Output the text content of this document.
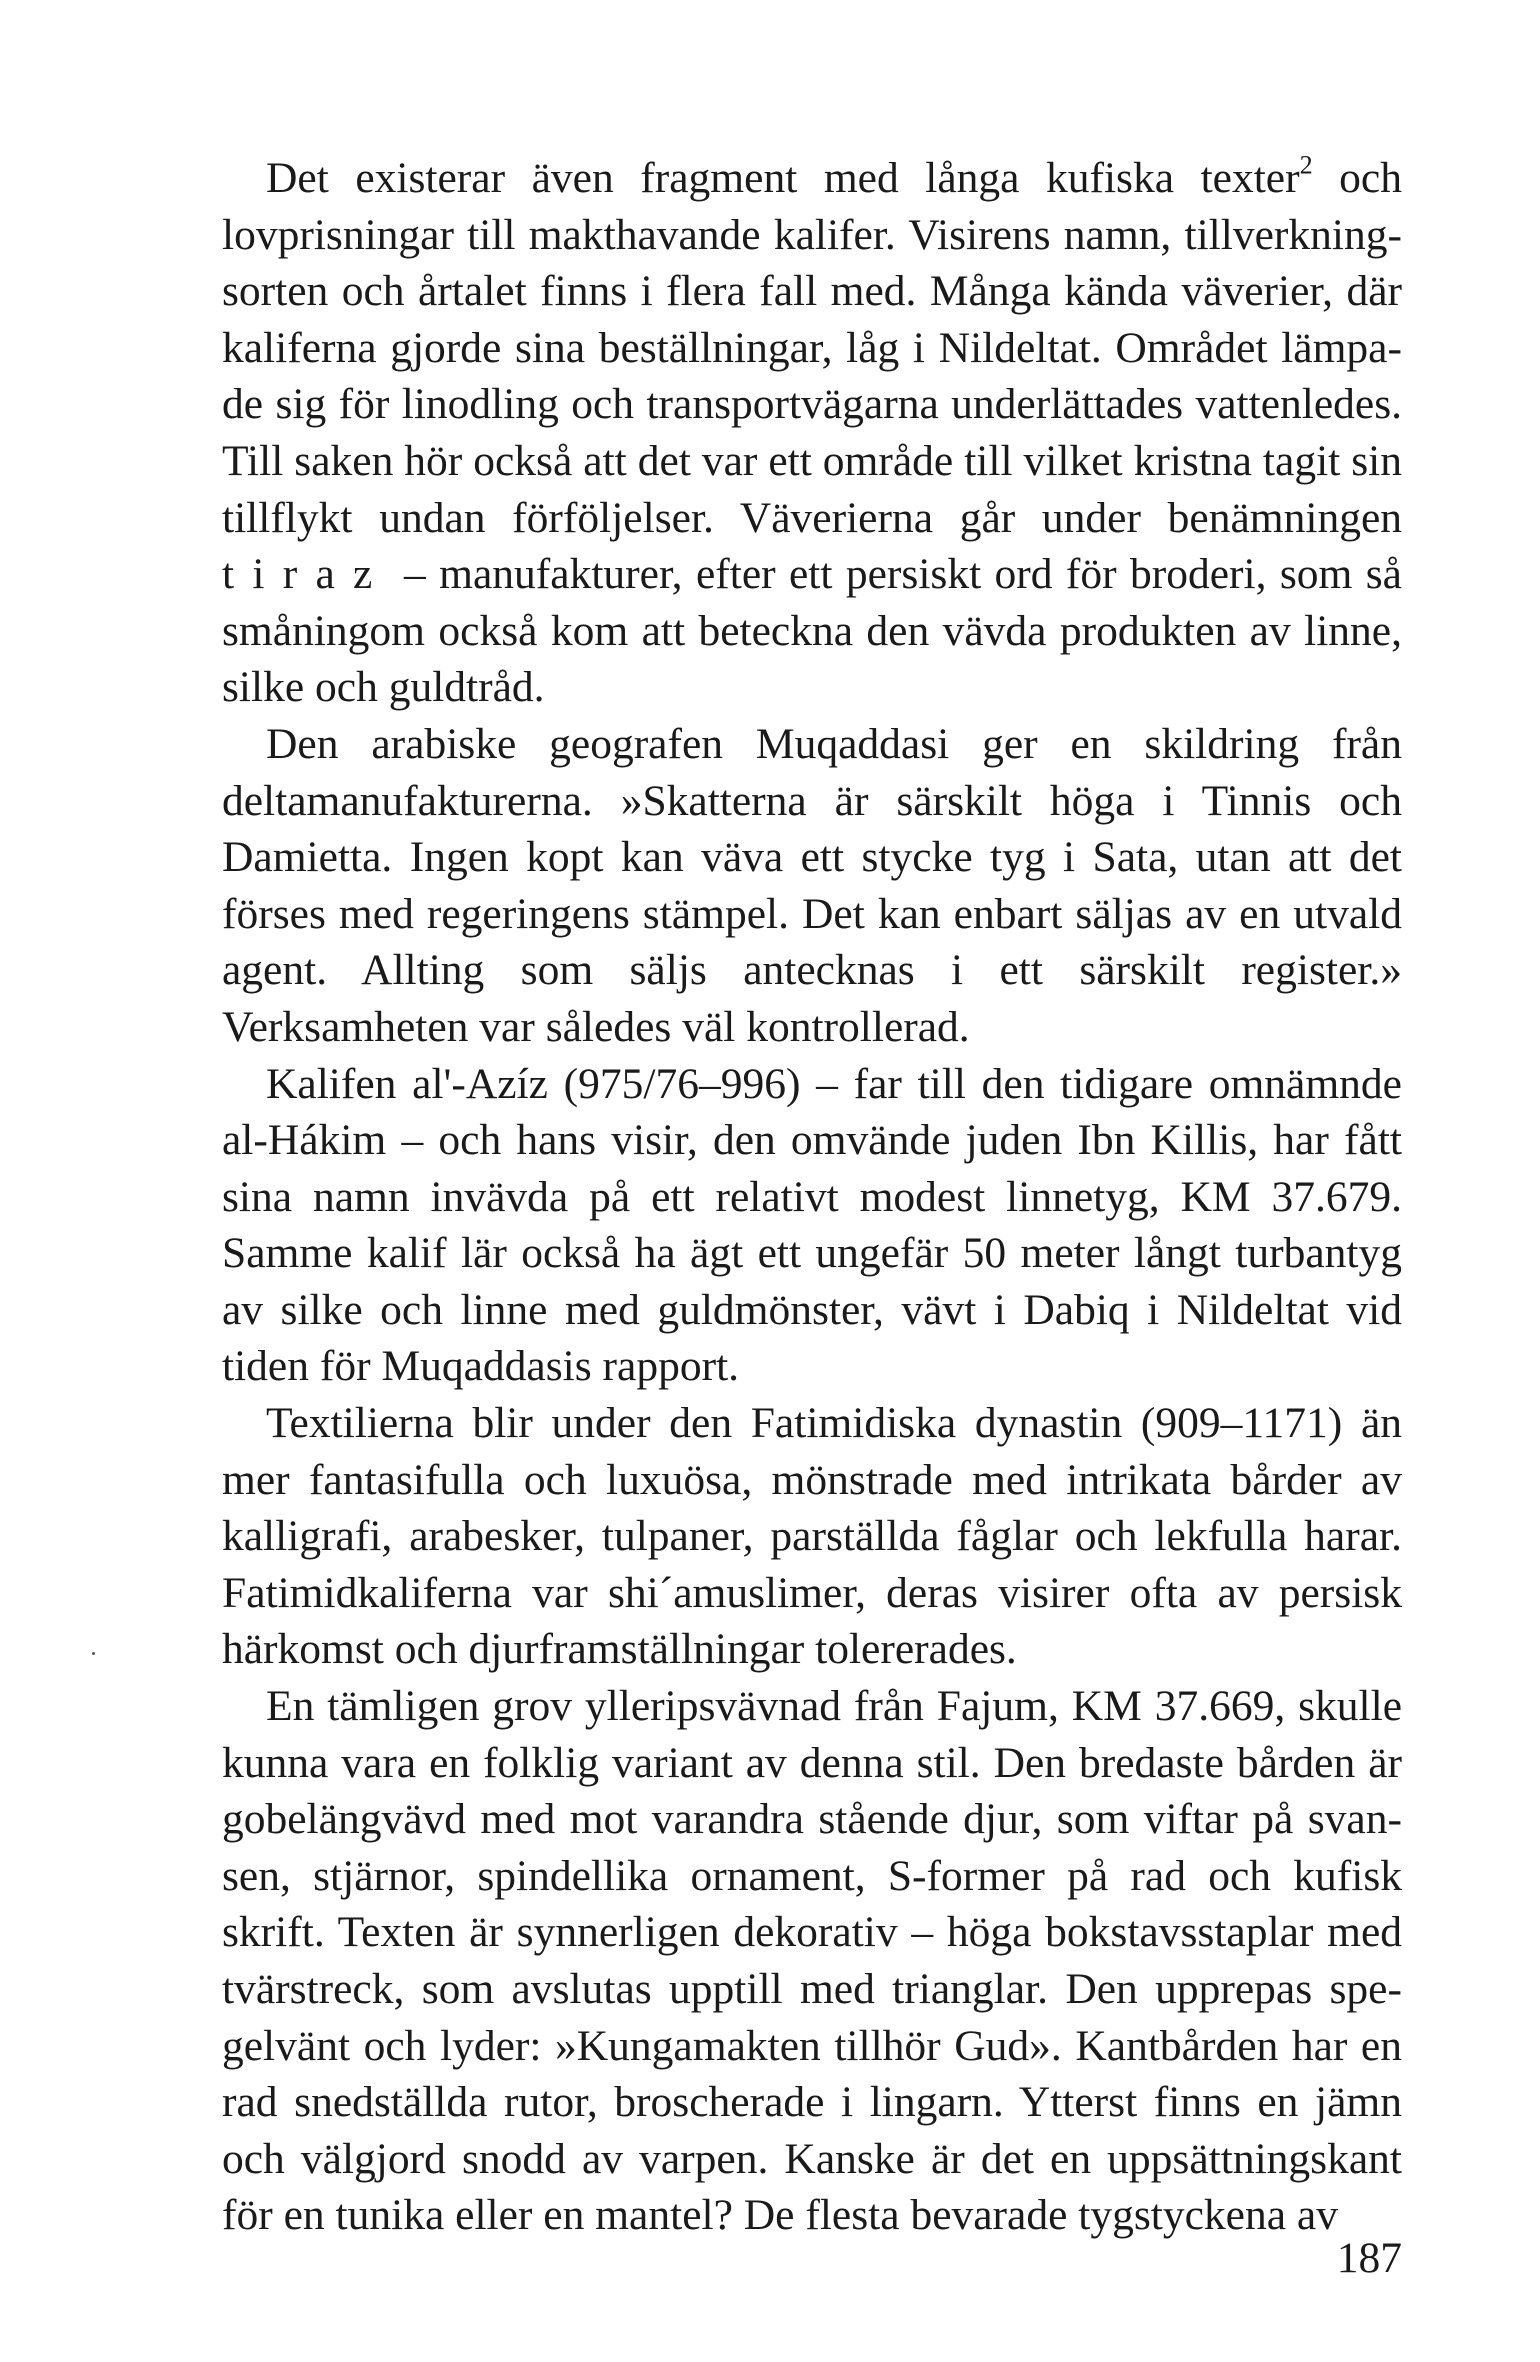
Det existerar även fragment med långa kufiska texter$^2$ och lovprisningar till makthavande kalifer. Visirens namn, tillverkningsorten och årtalet finns i flera fall med. Många kända väverier, där kaliferna gjorde sina beställningar, låg i Nildeltat. Området lämpade sig för linodling och transportvägarna underlättades vattenledes. Till saken hör också att det var ett område till vilket kristna tagit sin tillflykt undan förföljelser. Väverierna går under benämningen tiraz – manufakturer, efter ett persiskt ord för broderi, som så småningom också kom att beteckna den vävda produkten av linne, silke och guldtråd.

Den arabiske geografen Muqaddasi ger en skildring från deltamanufakturerna. »Skatterna är särskilt höga i Tinnis och Damietta. Ingen kopt kan väva ett stycke tyg i Sata, utan att det förses med regeringens stämpel. Det kan enbart säljas av en utvald agent. Allting som säljs antecknas i ett särskilt register.» Verksamheten var således väl kontrollerad.

Kalifen al'-Azíz (975/76–996) – far till den tidigare omnämnde al-Hákim – och hans visir, den omvände juden Ibn Killis, har fått sina namn invävda på ett relativt modest linnetyg, KM 37.679. Samme kalif lär också ha ägt ett ungefär 50 meter långt turbantyg av silke och linne med guldmönster, vävt i Dabiq i Nildeltat vid tiden för Muqaddasis rapport.

Textilierna blir under den Fatimidiska dynastin (909–1171) än mer fantasifulla och luxuösa, mönstrade med intrikata bårder av kalligrafi, arabesker, tulpaner, parställda fåglar och lekfulla harar. Fatimidkaliferna var shi´amuslimer, deras visirer ofta av persisk härkomst och djurframställningar tolererades.

En tämligen grov ylleripsvävnad från Fajum, KM 37.669, skulle kunna vara en folklig variant av denna stil. Den bredaste bården är gobelängvävd med mot varandra stående djur, som viftar på svansen, stjärnor, spindellika ornament, S-former på rad och kufisk skrift. Texten är synnerligen dekorativ – höga bokstavsstaplar med tvärstreck, som avslutas upptill med trianglar. Den upprepas spegelvänt och lyder: »Kungamakten tillhör Gud». Kantbården har en rad snedställda rutor, broscherade i lingarn. Ytterst finns en jämn och välgjord snodd av varpen. Kanske är det en uppsättningskant för en tunika eller en mantel? De flesta bevarade tygstyckena av

187
